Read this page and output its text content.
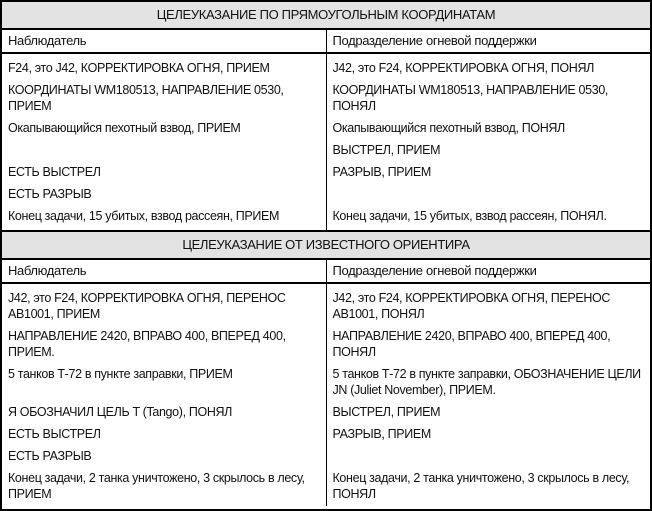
ЦЕЛЕУКАЗАНИЕ ПО ПРЯМОУГОЛЬНЫМ КООРДИНАТАМ	
Наблюдатель	Подразделение огневой поддержки
F24, это J42, КОРРЕКТИРОВКА ОГНЯ, ПРИЕМ	J42, это F24, КОРРЕКТИРОВКА ОГНЯ, ПОНЯЛ
КООРДИНАТЫ WM180513, НАПРАВЛЕНИЕ 0530, ПРИЕМ	КООРДИНАТЫ WM180513, НАПРАВЛЕНИЕ 0530, ПОНЯЛ
Окапывающийся пехотный взвод, ПРИЕМ	Окапывающийся пехотный взвод, ПОНЯЛ
	ВЫСТРЕЛ, ПРИЕМ
ЕСТЬ ВЫСТРЕЛ	РАЗРЫВ, ПРИЕМ
ЕСТЬ РАЗРЫВ	
Конец задачи, 15 убитых, взвод рассеян, ПРИЕМ	Конец задачи, 15 убитых, взвод рассеян, ПОНЯЛ.
ЦЕЛЕУКАЗАНИЕ ОТ ИЗВЕСТНОГО ОРИЕНТИРА	
Наблюдатель	Подразделение огневой поддержки
J42, это F24, КОРРЕКТИРОВКА ОГНЯ, ПЕРЕНОС AB1001, ПРИЕМ	J42, это F24, КОРРЕКТИРОВКА ОГНЯ, ПЕРЕНОС AB1001, ПОНЯЛ
НАПРАВЛЕНИЕ 2420, ВПРАВО 400, ВПЕРЕД 400, ПРИЕМ.	НАПРАВЛЕНИЕ 2420, ВПРАВО 400, ВПЕРЕД 400, ПОНЯЛ
5 танков Т-72 в пункте заправки, ПРИЕМ	5 танков Т-72 в пункте заправки, ОБОЗНАЧЕНИЕ ЦЕЛИ JN (Juliet November), ПРИЕМ.
Я ОБОЗНАЧИЛ ЦЕЛЬ T (Tango), ПОНЯЛ	ВЫСТРЕЛ, ПРИЕМ
ЕСТЬ ВЫСТРЕЛ	РАЗРЫВ, ПРИЕМ
ЕСТЬ РАЗРЫВ	
Конец задачи, 2 танка уничтожено, 3 скрылось в лесу, ПРИЕМ	Конец задачи, 2 танка уничтожено, 3 скрылось в лесу, ПОНЯЛ
